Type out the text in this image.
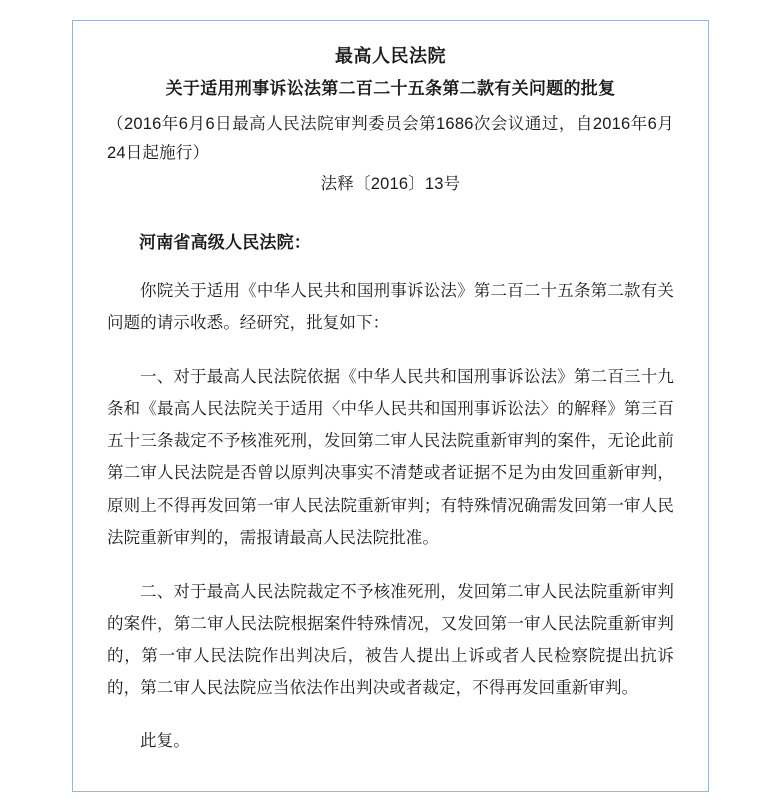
最高人民法院
关于适用刑事诉讼法第二百二十五条第二款有关问题的批复
（2016年6月6日最高人民法院审判委员会第1686次会议通过，自2016年6月24日起施行）
法释〔2016〕13号
河南省高级人民法院：
你院关于适用《中华人民共和国刑事诉讼法》第二百二十五条第二款有关问题的请示收悉。经研究，批复如下：
一、对于最高人民法院依据《中华人民共和国刑事诉讼法》第二百三十九条和《最高人民法院关于适用〈中华人民共和国刑事诉讼法〉的解释》第三百五十三条裁定不予核准死刑，发回第二审人民法院重新审判的案件，无论此前第二审人民法院是否曾以原判决事实不清楚或者证据不足为由发回重新审判，原则上不得再发回第一审人民法院重新审判；有特殊情况确需发回第一审人民法院重新审判的，需报请最高人民法院批准。
二、对于最高人民法院裁定不予核准死刑，发回第二审人民法院重新审判的案件，第二审人民法院根据案件特殊情况，又发回第一审人民法院重新审判的，第一审人民法院作出判决后，被告人提出上诉或者人民检察院提出抗诉的，第二审人民法院应当依法作出判决或者裁定，不得再发回重新审判。
此复。
